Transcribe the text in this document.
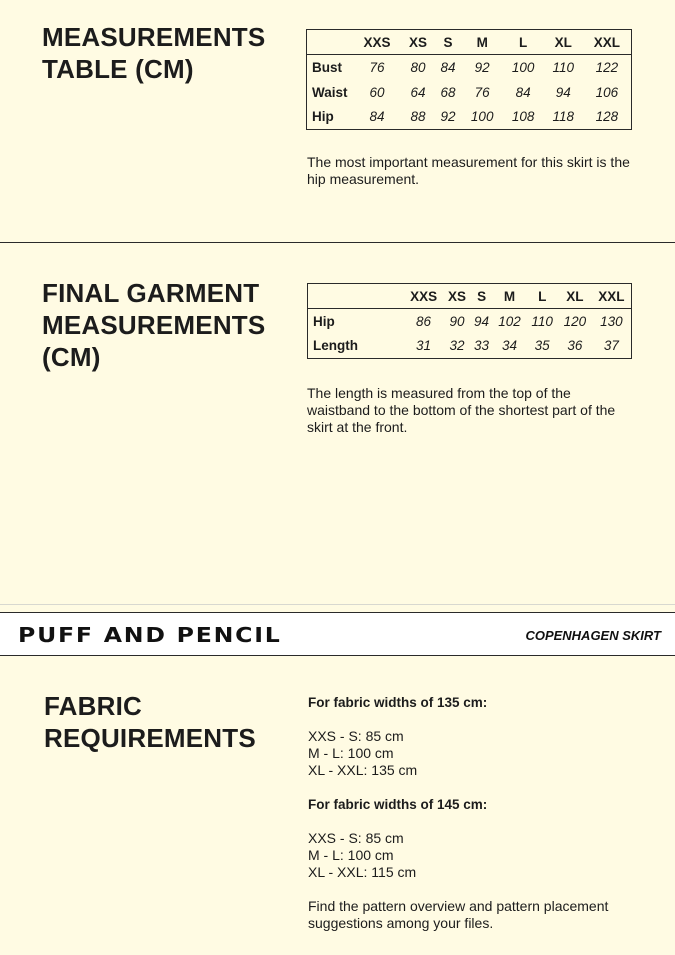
MEASUREMENTS
TABLE (CM)
	XXS	XS	S	M	L	XL	XXL
Bust	76	80	84	92	100	110	122
Waist	60	64	68	76	84	94	106
Hip	84	88	92	100	108	118	128

The most important measurement for this skirt is the hip measurement.

FINAL GARMENT
MEASUREMENTS
(CM)
	XXS	XS	S	M	L	XL	XXL
Hip	86	90	94	102	110	120	130
Length	31	32	33	34	35	36	37

The length is measured from the top of the waistband to the bottom of the shortest part of the skirt at the front.

PUFF AND PENCIL	COPENHAGEN SKIRT
FABRIC
REQUIREMENTS
For fabric widths of 135 cm:
XXS - S: 85 cm
M - L: 100 cm
XL - XXL: 135 cm
For fabric widths of 145 cm:
XXS - S: 85 cm
M - L: 100 cm
XL - XXL: 115 cm
Find the pattern overview and pattern placement suggestions among your files.
